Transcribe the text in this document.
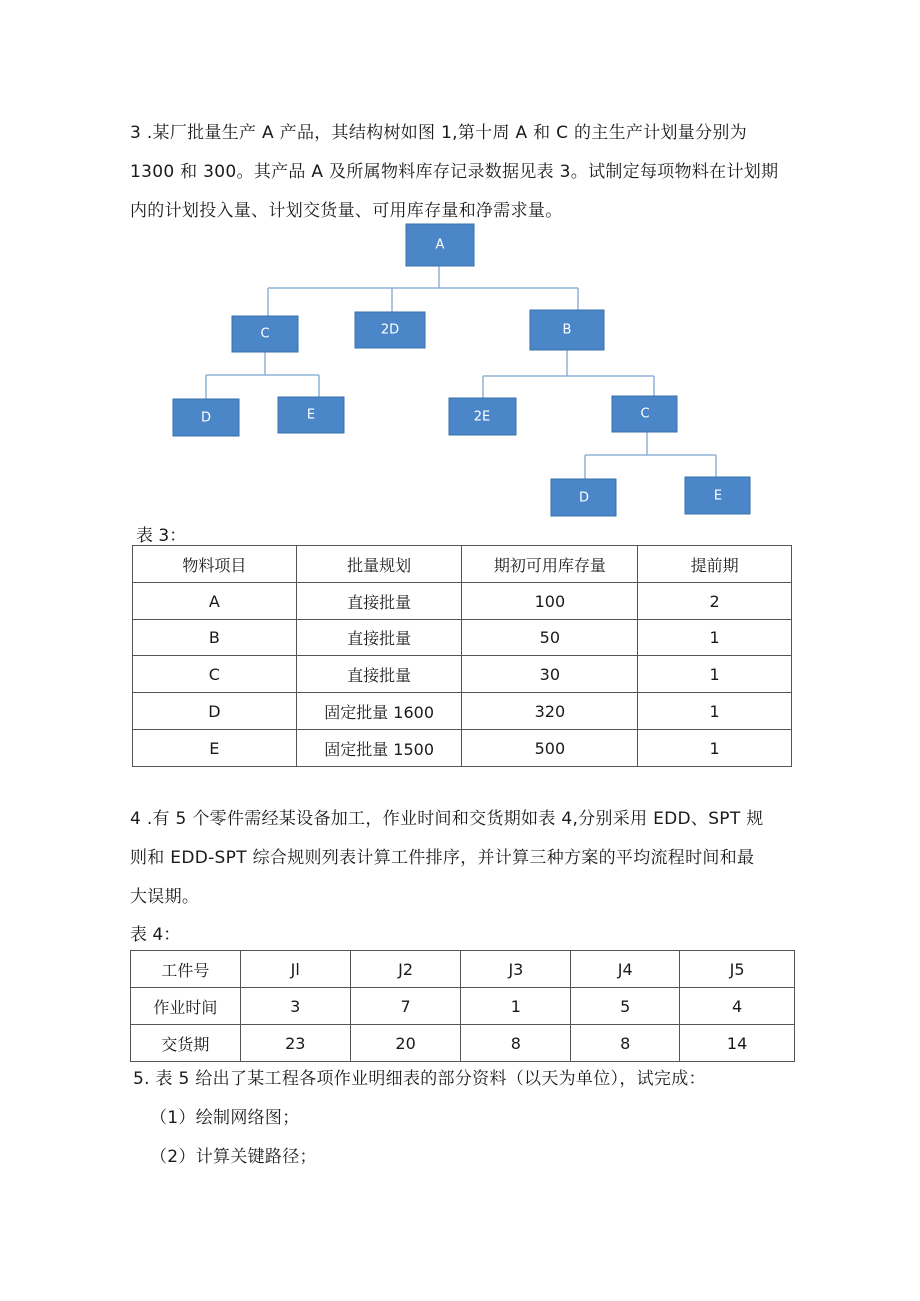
3 .某厂批量生产 A 产品，其结构树如图 1,第十周 A 和 C 的主生产计划量分别为
1300 和 300。其产品 A 及所属物料库存记录数据见表 3。试制定每项物料在计划期
内的计划投入量、计划交货量、可用库存量和净需求量。
A
C	2D	B
D	E	2E	C
D	E
表 3：
物料项目	批量规划	期初可用库存量	提前期
A	直接批量	100	2
B	直接批量	50	1
C	直接批量	30	1
D	固定批量 1600	320	1
E	固定批量 1500	500	1
4 .有 5 个零件需经某设备加工，作业时间和交货期如表 4,分别采用 EDD、SPT 规
则和 EDD-SPT 综合规则列表计算工件排序，并计算三种方案的平均流程时间和最
大误期。
表 4：
工件号	Jl	J2	J3	J4	J5
作业时间	3	7	1	5	4
交货期	23	20	8	8	14
5. 表 5 给出了某工程各项作业明细表的部分资料（以天为单位），试完成：
（1）绘制网络图；
（2）计算关键路径；
